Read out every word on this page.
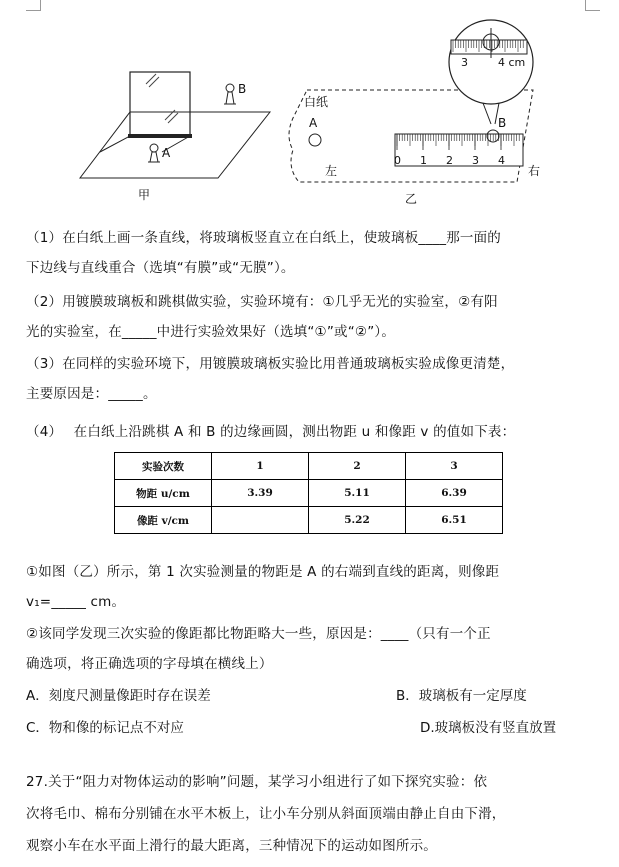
B
A
甲
白纸
A
左
B
右
乙
3	4 cm
0 1 2 3 4
（1）在白纸上画一条直线，将玻璃板竖直立在白纸上，使玻璃板____那一面的
下边线与直线重合（选填“有膜”或“无膜”）。
（2）用镀膜玻璃板和跳棋做实验，实验环境有：①几乎无光的实验室，②有阳
光的实验室，在_____中进行实验效果好（选填“①”或“②”）。
（3）在同样的实验环境下，用镀膜玻璃板实验比用普通玻璃板实验成像更清楚，
主要原因是：_____。
（4）　 在白纸上沿跳棋 A 和 B 的边缘画圆，测出物距 u 和像距 v 的值如下表：
实验次数	1	2	3
物距 u/cm	3.39	5.11	6.39
像距 v/cm		5.22	6.51
①如图（乙）所示，第 1 次实验测量的物距是 A 的右端到直线的距离，则像距
v₁=_____ cm。
②该同学发现三次实验的像距都比物距略大一些，原因是：____（只有一个正
确选项，将正确选项的字母填在横线上）
A．刻度尺测量像距时存在误差	B．玻璃板有一定厚度
C．物和像的标记点不对应	D.玻璃板没有竖直放置
27.关于“阻力对物体运动的影响”问题，某学习小组进行了如下探究实验：依
次将毛巾、棉布分别铺在水平木板上，让小车分别从斜面顶端由静止自由下滑，
观察小车在水平面上滑行的最大距离，三种情况下的运动如图所示。
